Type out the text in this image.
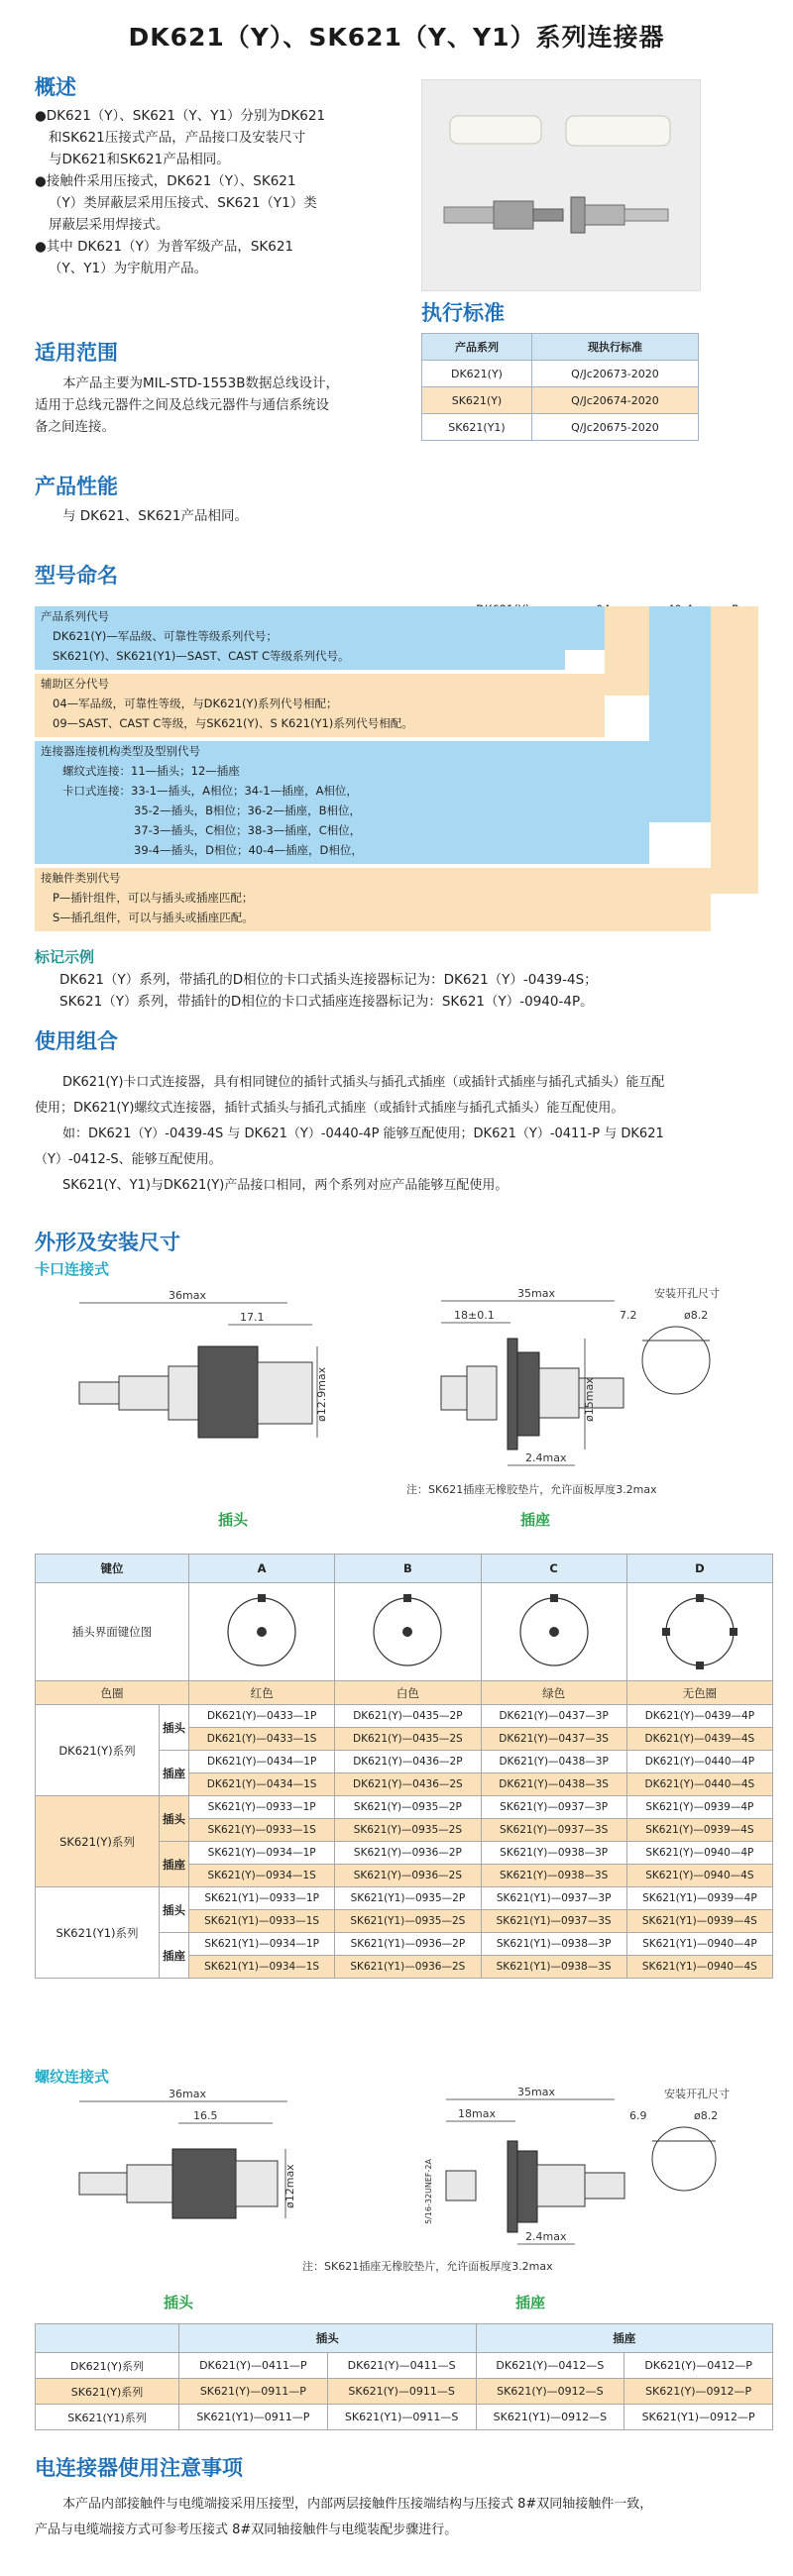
DK621（Y）、SK621（Y、Y1）系列连接器
概述
●DK621（Y）、SK621（Y、Y1）分别为DK621
和SK621压接式产品，产品接口及安装尺寸
与DK621和SK621产品相同。
●接触件采用压接式，DK621（Y）、SK621
（Y）类屏蔽层采用压接式、SK621（Y1）类
屏蔽层采用焊接式。
●其中 DK621（Y）为普军级产品，SK621
（Y、Y1）为宇航用产品。
执行标准
产品系列	现执行标准
DK621(Y)	Q/Jc20673-2020
SK621(Y)	Q/Jc20674-2020
SK621(Y1)	Q/Jc20675-2020
适用范围
本产品主要为MIL-STD-1553B数据总线设计，
适用于总线元器件之间及总线元器件与通信系统设
备之间连接。
产品性能
与 DK621、SK621产品相同。
型号命名
产品系列代号
DK621(Y)—军品级、可靠性等级系列代号；
SK621(Y)、SK621(Y1)—SAST、CAST C等级系列代号。
辅助区分代号
04—军品级，可靠性等级，与DK621(Y)系列代号相配；
09—SAST、CAST C等级，与SK621(Y)、S K621(Y1)系列代号相配。
连接器连接机构类型及型别代号
螺纹式连接：11—插头；12—插座
卡口式连接：33-1—插头，A相位；34-1—插座，A相位，
35-2—插头，B相位；36-2—插座，B相位，
37-3—插头，C相位；38-3—插座，C相位，
39-4—插头，D相位；40-4—插座，D相位，
接触件类别代号
P—插针组件，可以与插头或插座匹配；
S—插孔组件，可以与插头或插座匹配。
标记示例
DK621（Y）系列，带插孔的D相位的卡口式插头连接器标记为：DK621（Y）-0439-4S；
SK621（Y）系列，带插针的D相位的卡口式插座连接器标记为：SK621（Y）-0940-4P。
使用组合
DK621(Y)卡口式连接器，具有相同键位的插针式插头与插孔式插座（或插针式插座与插孔式插头）能互配
使用；DK621(Y)螺纹式连接器，插针式插头与插孔式插座（或插针式插座与插孔式插头）能互配使用。
如：DK621（Y）-0439-4S 与 DK621（Y）-0440-4P 能够互配使用；DK621（Y）-0411-P 与 DK621
（Y）-0412-S、能够互配使用。
SK621(Y、Y1)与DK621(Y)产品接口相同，两个系列对应产品能够互配使用。
外形及安装尺寸
卡口连接式
36max
17.1
ø12.9max
35max
18±0.1
ø15max
2.4max
安装开孔尺寸
7.2	ø8.2
注：SK621插座无橡胶垫片，允许面板厚度3.2max
插头	插座
键位		A	B	C	D
插头界面键位图				
色圈		红色	白色	绿色	无色圈
DK621(Y)系列	插头	DK621(Y)—0433—1P	DK621(Y)—0435—2P	DK621(Y)—0437—3P	DK621(Y)—0439—4P
		DK621(Y)—0433—1S	DK621(Y)—0435—2S	DK621(Y)—0437—3S	DK621(Y)—0439—4S
	插座	DK621(Y)—0434—1P	DK621(Y)—0436—2P	DK621(Y)—0438—3P	DK621(Y)—0440—4P
		DK621(Y)—0434—1S	DK621(Y)—0436—2S	DK621(Y)—0438—3S	DK621(Y)—0440—4S
SK621(Y)系列	插头	SK621(Y)—0933—1P	SK621(Y)—0935—2P	SK621(Y)—0937—3P	SK621(Y)—0939—4P
		SK621(Y)—0933—1S	SK621(Y)—0935—2S	SK621(Y)—0937—3S	SK621(Y)—0939—4S
	插座	SK621(Y)—0934—1P	SK621(Y)—0936—2P	SK621(Y)—0938—3P	SK621(Y)—0940—4P
		SK621(Y)—0934—1S	SK621(Y)—0936—2S	SK621(Y)—0938—3S	SK621(Y)—0940—4S
SK621(Y1)系列	插头	SK621(Y1)—0933—1P	SK621(Y1)—0935—2P	SK621(Y1)—0937—3P	SK621(Y1)—0939—4P
		SK621(Y1)—0933—1S	SK621(Y1)—0935—2S	SK621(Y1)—0937—3S	SK621(Y1)—0939—4S
	插座	SK621(Y1)—0934—1P	SK621(Y1)—0936—2P	SK621(Y1)—0938—3P	SK621(Y1)—0940—4P
		SK621(Y1)—0934—1S	SK621(Y1)—0936—2S	SK621(Y1)—0938—3S	SK621(Y1)—0940—4S
螺纹连接式
36max
16.5
ø12max
35max
18max
5/16-32UNEF-2A
2.4max
安装开孔尺寸
6.9	ø8.2
注：SK621插座无橡胶垫片，允许面板厚度3.2max
插头	插座
	插头		插座	
DK621(Y)系列	DK621(Y)—0411—P	DK621(Y)—0411—S	DK621(Y)—0412—S	DK621(Y)—0412—P
SK621(Y)系列	SK621(Y)—0911—P	SK621(Y)—0911—S	SK621(Y)—0912—S	SK621(Y)—0912—P
SK621(Y1)系列	SK621(Y1)—0911—P	SK621(Y1)—0911—S	SK621(Y1)—0912—S	SK621(Y1)—0912—P
电连接器使用注意事项
本产品内部接触件与电缆端接采用压接型，内部两层接触件压接端结构与压接式 8#双同轴接触件一致，
产品与电缆端接方式可参考压接式 8#双同轴接触件与电缆装配步骤进行。
